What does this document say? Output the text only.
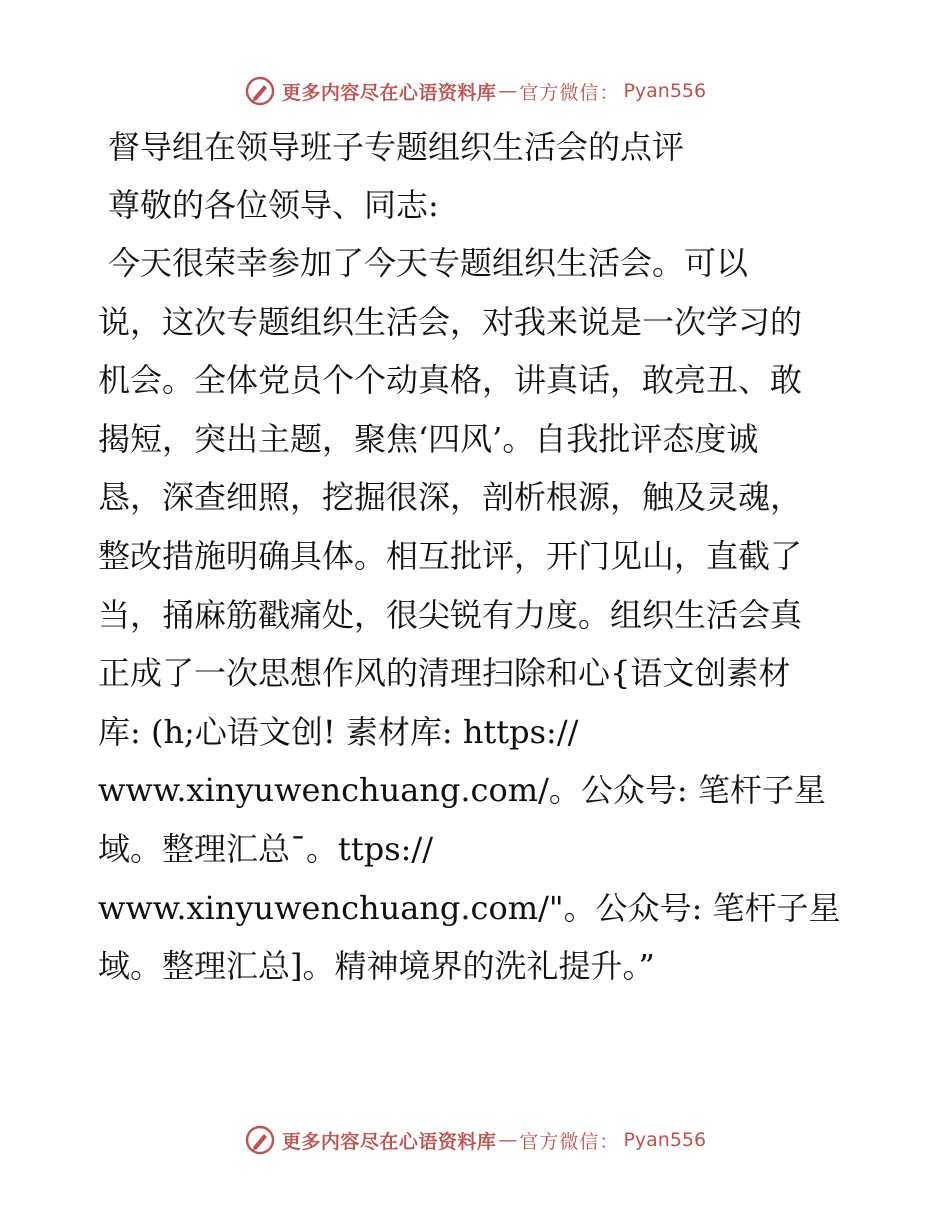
更多内容尽在心语资料库 — 官方微信： Pyan556
督导组在领导班子专题组织生活会的点评

尊敬的各位领导、同志:

今天很荣幸参加了今天专题组织生活会。可以
说，这次专题组织生活会，对我来说是一次学习的
机会。全体党员个个动真格，讲真话，敢亮丑、敢
揭短，突出主题，聚焦‘四风’。自我批评态度诚
恳，深查细照，挖掘很深，剖析根源，触及灵魂，
整改措施明确具体。相互批评，开门见山，直截了
当，捅麻筋戳痛处，很尖锐有力度。组织生活会真
正成了一次思想作风的清理扫除和心{语文创素材
库: (h;心语文创! 素材库: https://
www.xinyuwenchuang.com/。公众号: 笔杆子星
域。整理汇总¯。ttps://
www.xinyuwenchuang.com/"。公众号: 笔杆子星
域。整理汇总]。精神境界的洗礼提升。”

更多内容尽在心语资料库 — 官方微信： Pyan556
